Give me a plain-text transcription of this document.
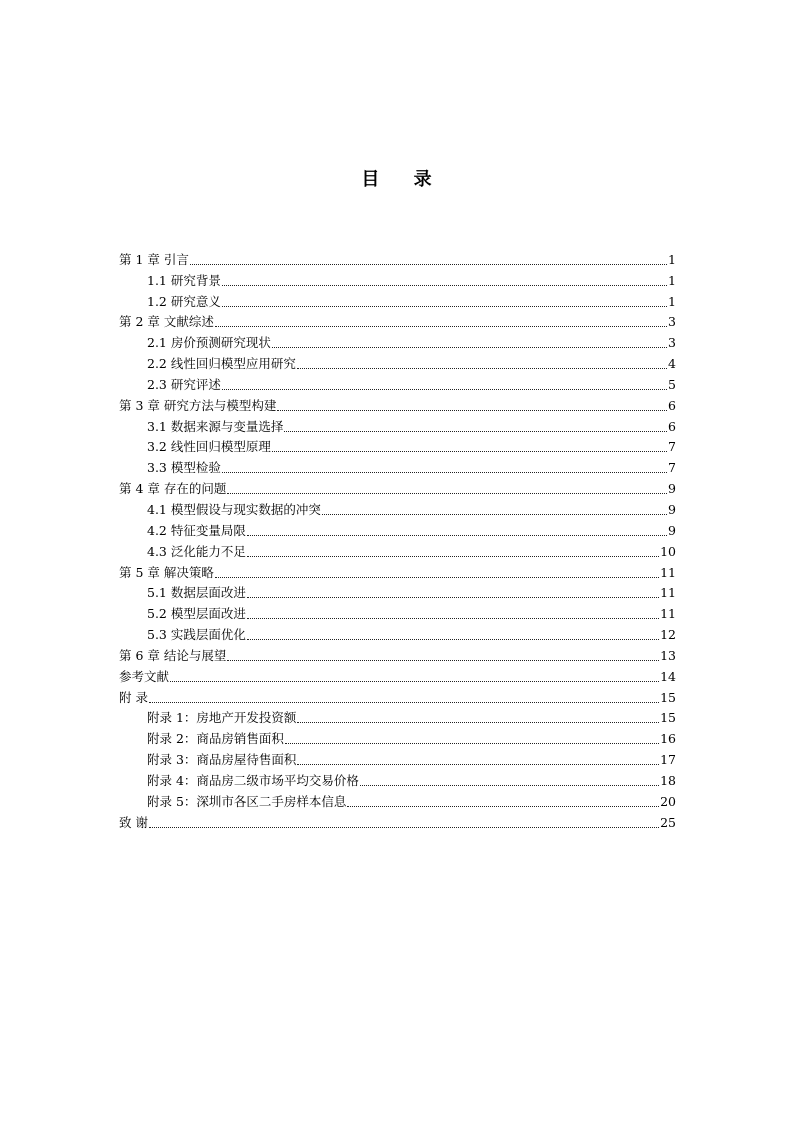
目 录
第 1 章 引言	1
1.1 研究背景	1
1.2 研究意义	1
第 2 章 文献综述	3
2.1 房价预测研究现状	3
2.2 线性回归模型应用研究	4
2.3 研究评述	5
第 3 章 研究方法与模型构建	6
3.1 数据来源与变量选择	6
3.2 线性回归模型原理	7
3.3 模型检验	7
第 4 章 存在的问题	9
4.1 模型假设与现实数据的冲突	9
4.2 特征变量局限	9
4.3 泛化能力不足	10
第 5 章 解决策略	11
5.1 数据层面改进	11
5.2 模型层面改进	11
5.3 实践层面优化	12
第 6 章 结论与展望	13
参考文献	14
附 录	15
附录 1：房地产开发投资额	15
附录 2：商品房销售面积	16
附录 3：商品房屋待售面积	17
附录 4：商品房二级市场平均交易价格	18
附录 5：深圳市各区二手房样本信息	20
致 谢	25
